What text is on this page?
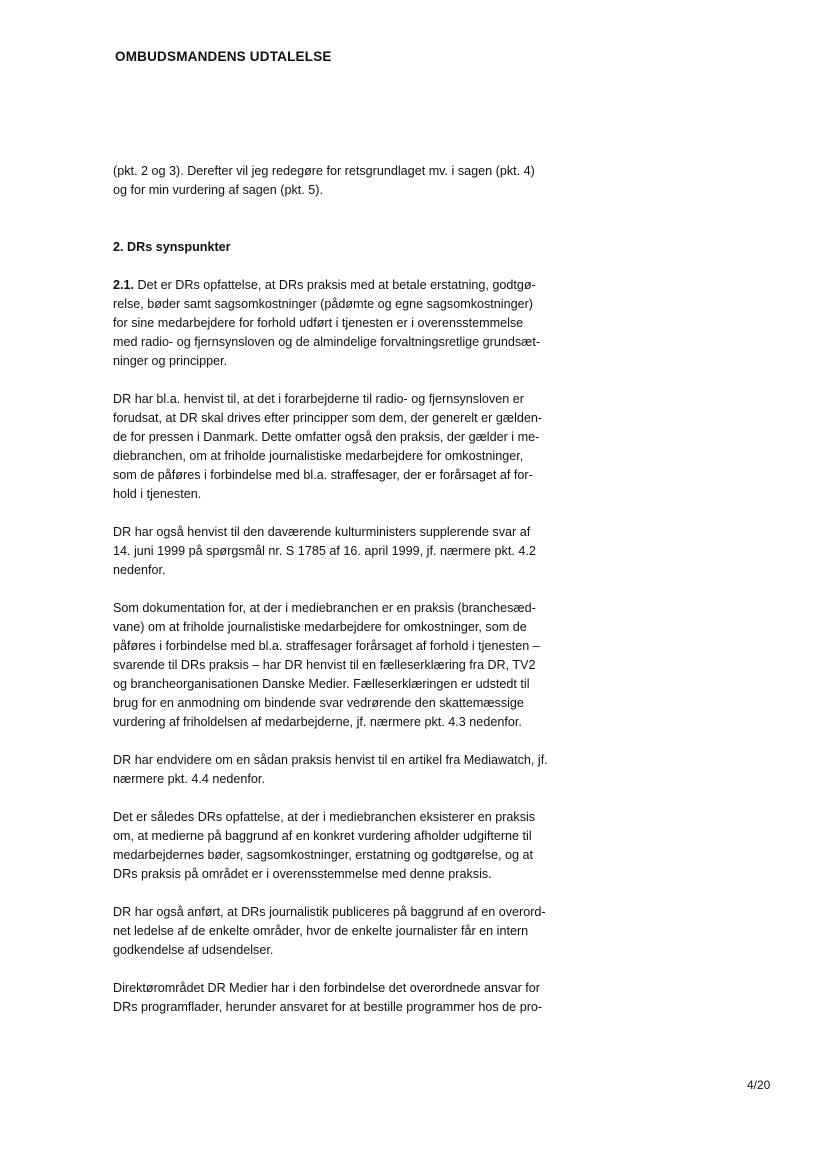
OMBUDSMANDENS UDTALELSE

(pkt. 2 og 3). Derefter vil jeg redegøre for retsgrundlaget mv. i sagen (pkt. 4)
og for min vurdering af sagen (pkt. 5).

2. DRs synspunkter

2.1. Det er DRs opfattelse, at DRs praksis med at betale erstatning, godtgø-
relse, bøder samt sagsomkostninger (pådømte og egne sagsomkostninger)
for sine medarbejdere for forhold udført i tjenesten er i overensstemmelse
med radio- og fjernsynsloven og de almindelige forvaltningsretlige grundsæt-
ninger og principper.

DR har bl.a. henvist til, at det i forarbejderne til radio- og fjernsynsloven er
forudsat, at DR skal drives efter principper som dem, der generelt er gælden-
de for pressen i Danmark. Dette omfatter også den praksis, der gælder i me-
diebranchen, om at friholde journalistiske medarbejdere for omkostninger,
som de påføres i forbindelse med bl.a. straffesager, der er forårsaget af for-
hold i tjenesten.

DR har også henvist til den daværende kulturministers supplerende svar af
14. juni 1999 på spørgsmål nr. S 1785 af 16. april 1999, jf. nærmere pkt. 4.2
nedenfor.

Som dokumentation for, at der i mediebranchen er en praksis (branchesæd-
vane) om at friholde journalistiske medarbejdere for omkostninger, som de
påføres i forbindelse med bl.a. straffesager forårsaget af forhold i tjenesten –
svarende til DRs praksis – har DR henvist til en fælleserklæring fra DR, TV2
og brancheorganisationen Danske Medier. Fælleserklæringen er udstedt til
brug for en anmodning om bindende svar vedrørende den skattemæssige
vurdering af friholdelsen af medarbejderne, jf. nærmere pkt. 4.3 nedenfor.

DR har endvidere om en sådan praksis henvist til en artikel fra Mediawatch, jf.
nærmere pkt. 4.4 nedenfor.

Det er således DRs opfattelse, at der i mediebranchen eksisterer en praksis
om, at medierne på baggrund af en konkret vurdering afholder udgifterne til
medarbejdernes bøder, sagsomkostninger, erstatning og godtgørelse, og at
DRs praksis på området er i overensstemmelse med denne praksis.

DR har også anført, at DRs journalistik publiceres på baggrund af en overord-
net ledelse af de enkelte områder, hvor de enkelte journalister får en intern
godkendelse af udsendelser.

Direktørområdet DR Medier har i den forbindelse det overordnede ansvar for
DRs programflader, herunder ansvaret for at bestille programmer hos de pro-

4/20
